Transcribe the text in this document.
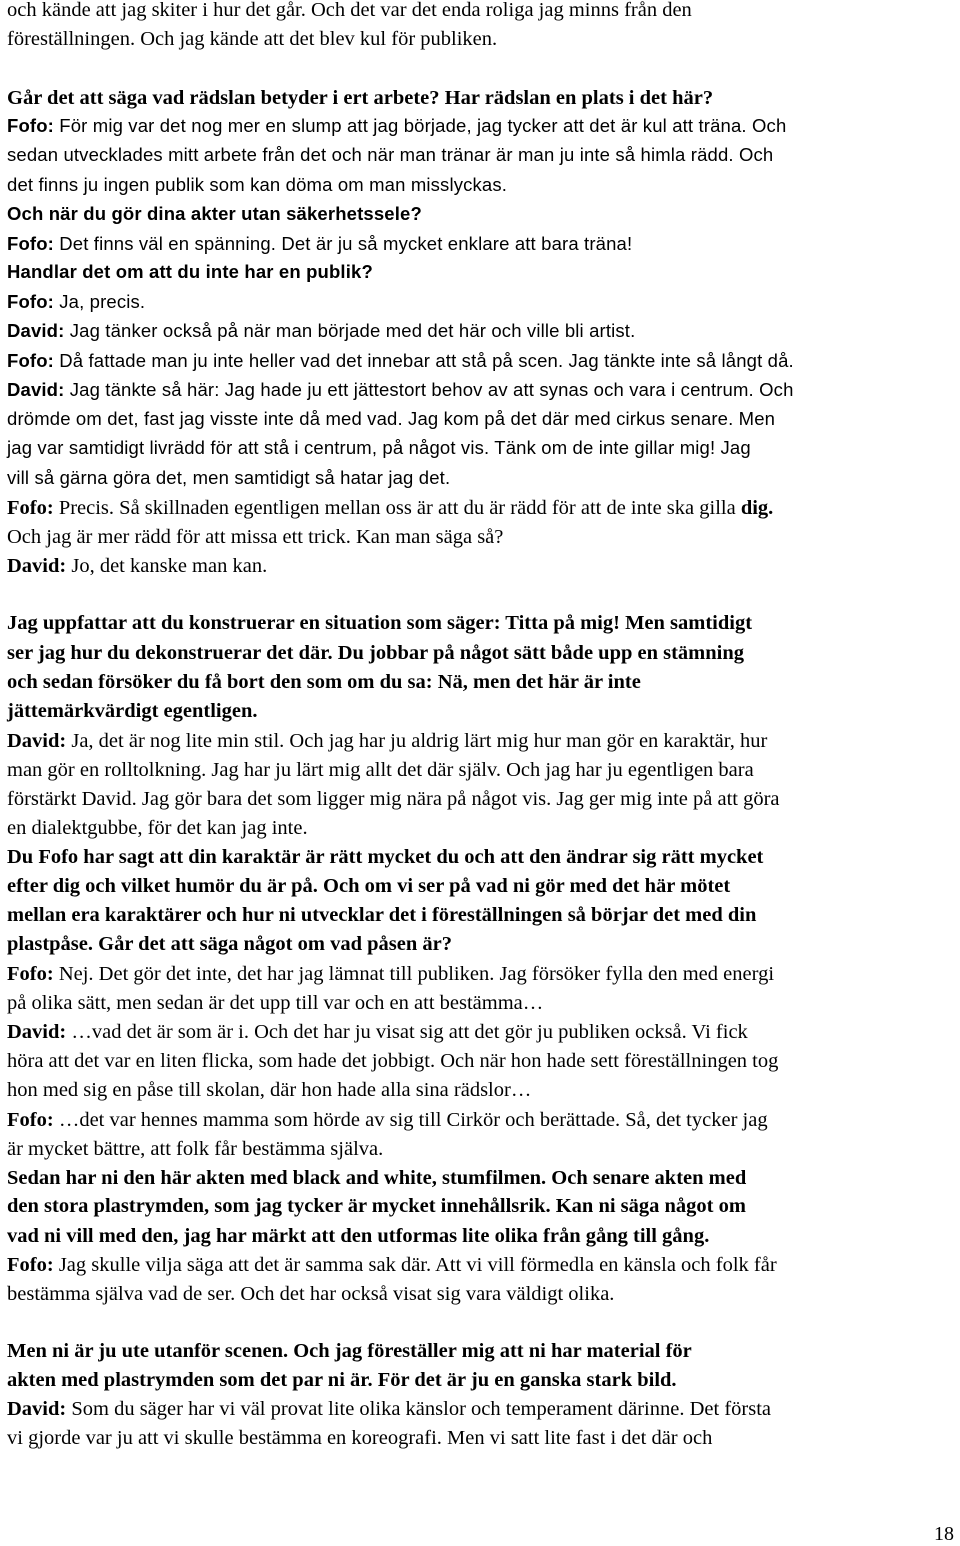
och kände att jag skiter i hur det går. Och det var det enda roliga jag minns från den
föreställningen. Och jag kände att det blev kul för publiken.
Går det att säga vad rädslan betyder i ert arbete? Har rädslan en plats i det här?
Fofo: För mig var det nog mer en slump att jag började, jag tycker att det är kul att träna. Och
sedan utvecklades mitt arbete från det och när man tränar är man ju inte så himla rädd. Och
det finns ju ingen publik som kan döma om man misslyckas.
Och när du gör dina akter utan säkerhetssele?
Fofo: Det finns väl en spänning. Det är ju så mycket enklare att bara träna!
Handlar det om att du inte har en publik?
Fofo: Ja, precis.
David: Jag tänker också på när man började med det här och ville bli artist.
Fofo: Då fattade man ju inte heller vad det innebar att stå på scen. Jag tänkte inte så långt då.
David: Jag tänkte så här: Jag hade ju ett jättestort behov av att synas och vara i centrum. Och
drömde om det, fast jag visste inte då med vad. Jag kom på det där med cirkus senare. Men
jag var samtidigt livrädd för att stå i centrum, på något vis. Tänk om de inte gillar mig! Jag
vill så gärna göra det, men samtidigt så hatar jag det.
Fofo: Precis. Så skillnaden egentligen mellan oss är att du är rädd för att de inte ska gilla dig.
Och jag är mer rädd för att missa ett trick. Kan man säga så?
David: Jo, det kanske man kan.
Jag uppfattar att du konstruerar en situation som säger: Titta på mig! Men samtidigt
ser jag hur du dekonstruerar det där. Du jobbar på något sätt både upp en stämning
och sedan försöker du få bort den som om du sa: Nä, men det här är inte
jättemärkvärdigt egentligen.
David: Ja, det är nog lite min stil. Och jag har ju aldrig lärt mig hur man gör en karaktär, hur
man gör en rolltolkning. Jag har ju lärt mig allt det där själv. Och jag har ju egentligen bara
förstärkt David. Jag gör bara det som ligger mig nära på något vis. Jag ger mig inte på att göra
en dialektgubbe, för det kan jag inte.
Du Fofo har sagt att din karaktär är rätt mycket du och att den ändrar sig rätt mycket
efter dig och vilket humör du är på. Och om vi ser på vad ni gör med det här mötet
mellan era karaktärer och hur ni utvecklar det i föreställningen så börjar det med din
plastpåse. Går det att säga något om vad påsen är?
Fofo: Nej. Det gör det inte, det har jag lämnat till publiken. Jag försöker fylla den med energi
på olika sätt, men sedan är det upp till var och en att bestämma…
David: …vad det är som är i. Och det har ju visat sig att det gör ju publiken också. Vi fick
höra att det var en liten flicka, som hade det jobbigt. Och när hon hade sett föreställningen tog
hon med sig en påse till skolan, där hon hade alla sina rädslor…
Fofo: …det var hennes mamma som hörde av sig till Cirkör och berättade. Så, det tycker jag
är mycket bättre, att folk får bestämma själva.
Sedan har ni den här akten med black and white, stumfilmen. Och senare akten med
den stora plastrymden, som jag tycker är mycket innehållsrik. Kan ni säga något om
vad ni vill med den, jag har märkt att den utformas lite olika från gång till gång.
Fofo: Jag skulle vilja säga att det är samma sak där. Att vi vill förmedla en känsla och folk får
bestämma själva vad de ser. Och det har också visat sig vara väldigt olika.
Men ni är ju ute utanför scenen. Och jag föreställer mig att ni har material för
akten med plastrymden som det par ni är. För det är ju en ganska stark bild.
David: Som du säger har vi väl provat lite olika känslor och temperament därinne. Det första
vi gjorde var ju att vi skulle bestämma en koreografi. Men vi satt lite fast i det där och
18
